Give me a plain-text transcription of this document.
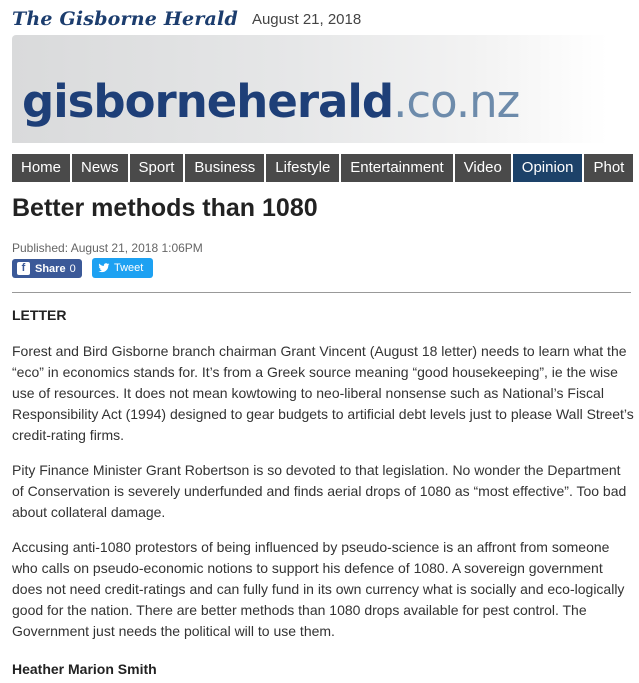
The Gisborne Herald August 21, 2018
gisborneherald.co.nz
Home	News	Sport	Business	Lifestyle	Entertainment	Video	Opinion	Phot
Better methods than 1080
Published: August 21, 2018 1:06PM
f Share 0	Tweet
LETTER

Forest and Bird Gisborne branch chairman Grant Vincent (August 18 letter) needs to learn what the “eco” in economics stands for. It’s from a Greek source meaning “good housekeeping”, ie the wise use of resources. It does not mean kowtowing to neo-liberal nonsense such as National’s Fiscal Responsibility Act (1994) designed to gear budgets to artificial debt levels just to please Wall Street’s credit-rating firms.

Pity Finance Minister Grant Robertson is so devoted to that legislation. No wonder the Department of Conservation is severely underfunded and finds aerial drops of 1080 as “most effective”. Too bad about collateral damage.

Accusing anti-1080 protestors of being influenced by pseudo-science is an affront from someone who calls on pseudo-economic notions to support his defence of 1080. A sovereign government does not need credit-ratings and can fully fund in its own currency what is socially and eco-logically good for the nation. There are better methods than 1080 drops available for pest control. The Government just needs the political will to use them.

Heather Marion Smith
